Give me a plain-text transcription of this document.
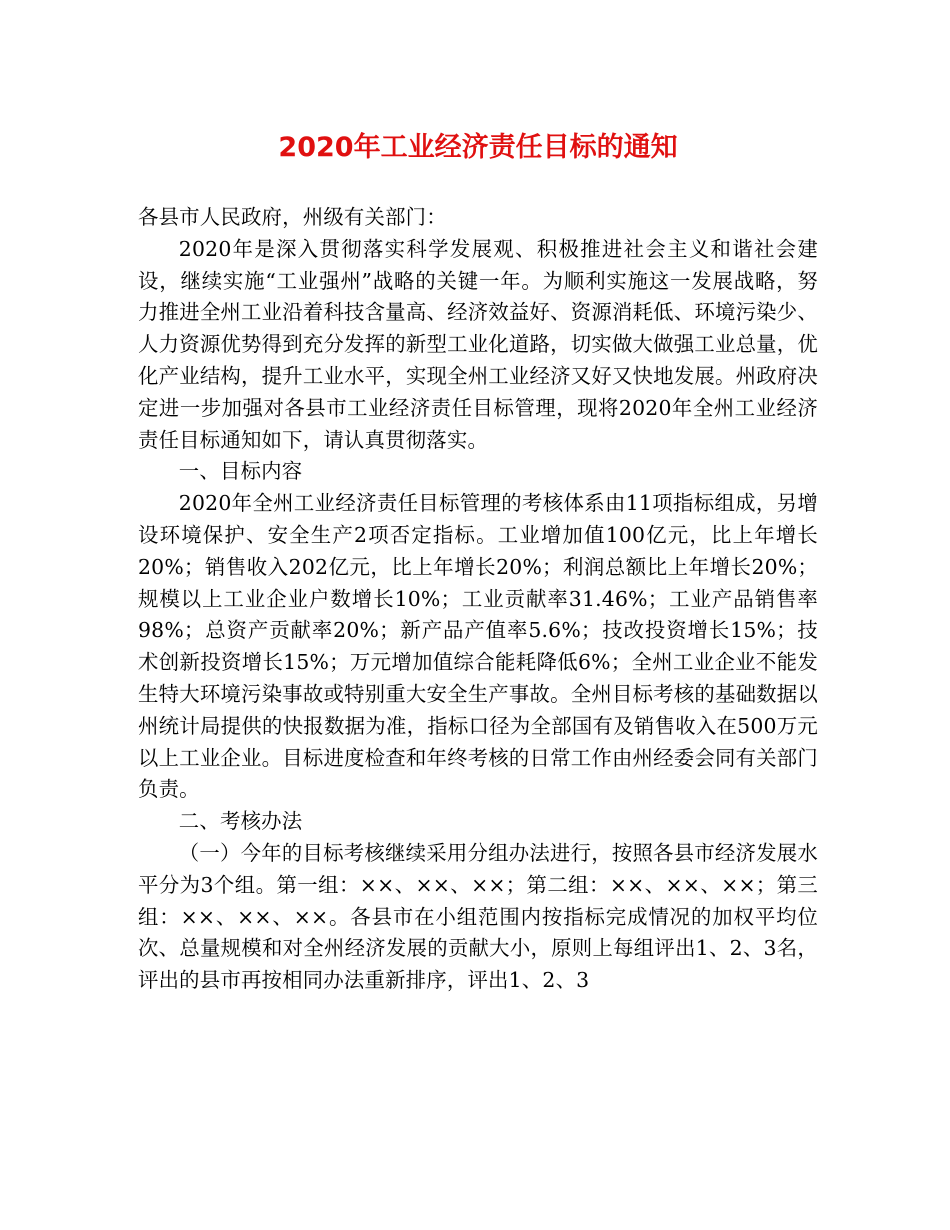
2020年工业经济责任目标的通知

各县市人民政府，州级有关部门：

2020年是深入贯彻落实科学发展观、积极推进社会主义和谐社会建设，继续实施“工业强州”战略的关键一年。为顺利实施这一发展战略，努力推进全州工业沿着科技含量高、经济效益好、资源消耗低、环境污染少、人力资源优势得到充分发挥的新型工业化道路，切实做大做强工业总量，优化产业结构，提升工业水平，实现全州工业经济又好又快地发展。州政府决定进一步加强对各县市工业经济责任目标管理，现将2020年全州工业经济责任目标通知如下，请认真贯彻落实。

一、目标内容

2020年全州工业经济责任目标管理的考核体系由11项指标组成，另增设环境保护、安全生产2项否定指标。工业增加值100亿元，比上年增长20%；销售收入202亿元，比上年增长20%；利润总额比上年增长20%；规模以上工业企业户数增长10%；工业贡献率31.46%；工业产品销售率98%；总资产贡献率20%；新产品产值率5.6%；技改投资增长15%；技术创新投资增长15%；万元增加值综合能耗降低6%；全州工业企业不能发生特大环境污染事故或特别重大安全生产事故。全州目标考核的基础数据以州统计局提供的快报数据为准，指标口径为全部国有及销售收入在500万元以上工业企业。目标进度检查和年终考核的日常工作由州经委会同有关部门负责。

二、考核办法

（一）今年的目标考核继续采用分组办法进行，按照各县市经济发展水平分为3个组。第一组：××、××、××；第二组：××、××、××；第三组：××、××、××。各县市在小组范围内按指标完成情况的加权平均位次、总量规模和对全州经济发展的贡献大小，原则上每组评出1、2、3名，评出的县市再按相同办法重新排序，评出1、2、3
